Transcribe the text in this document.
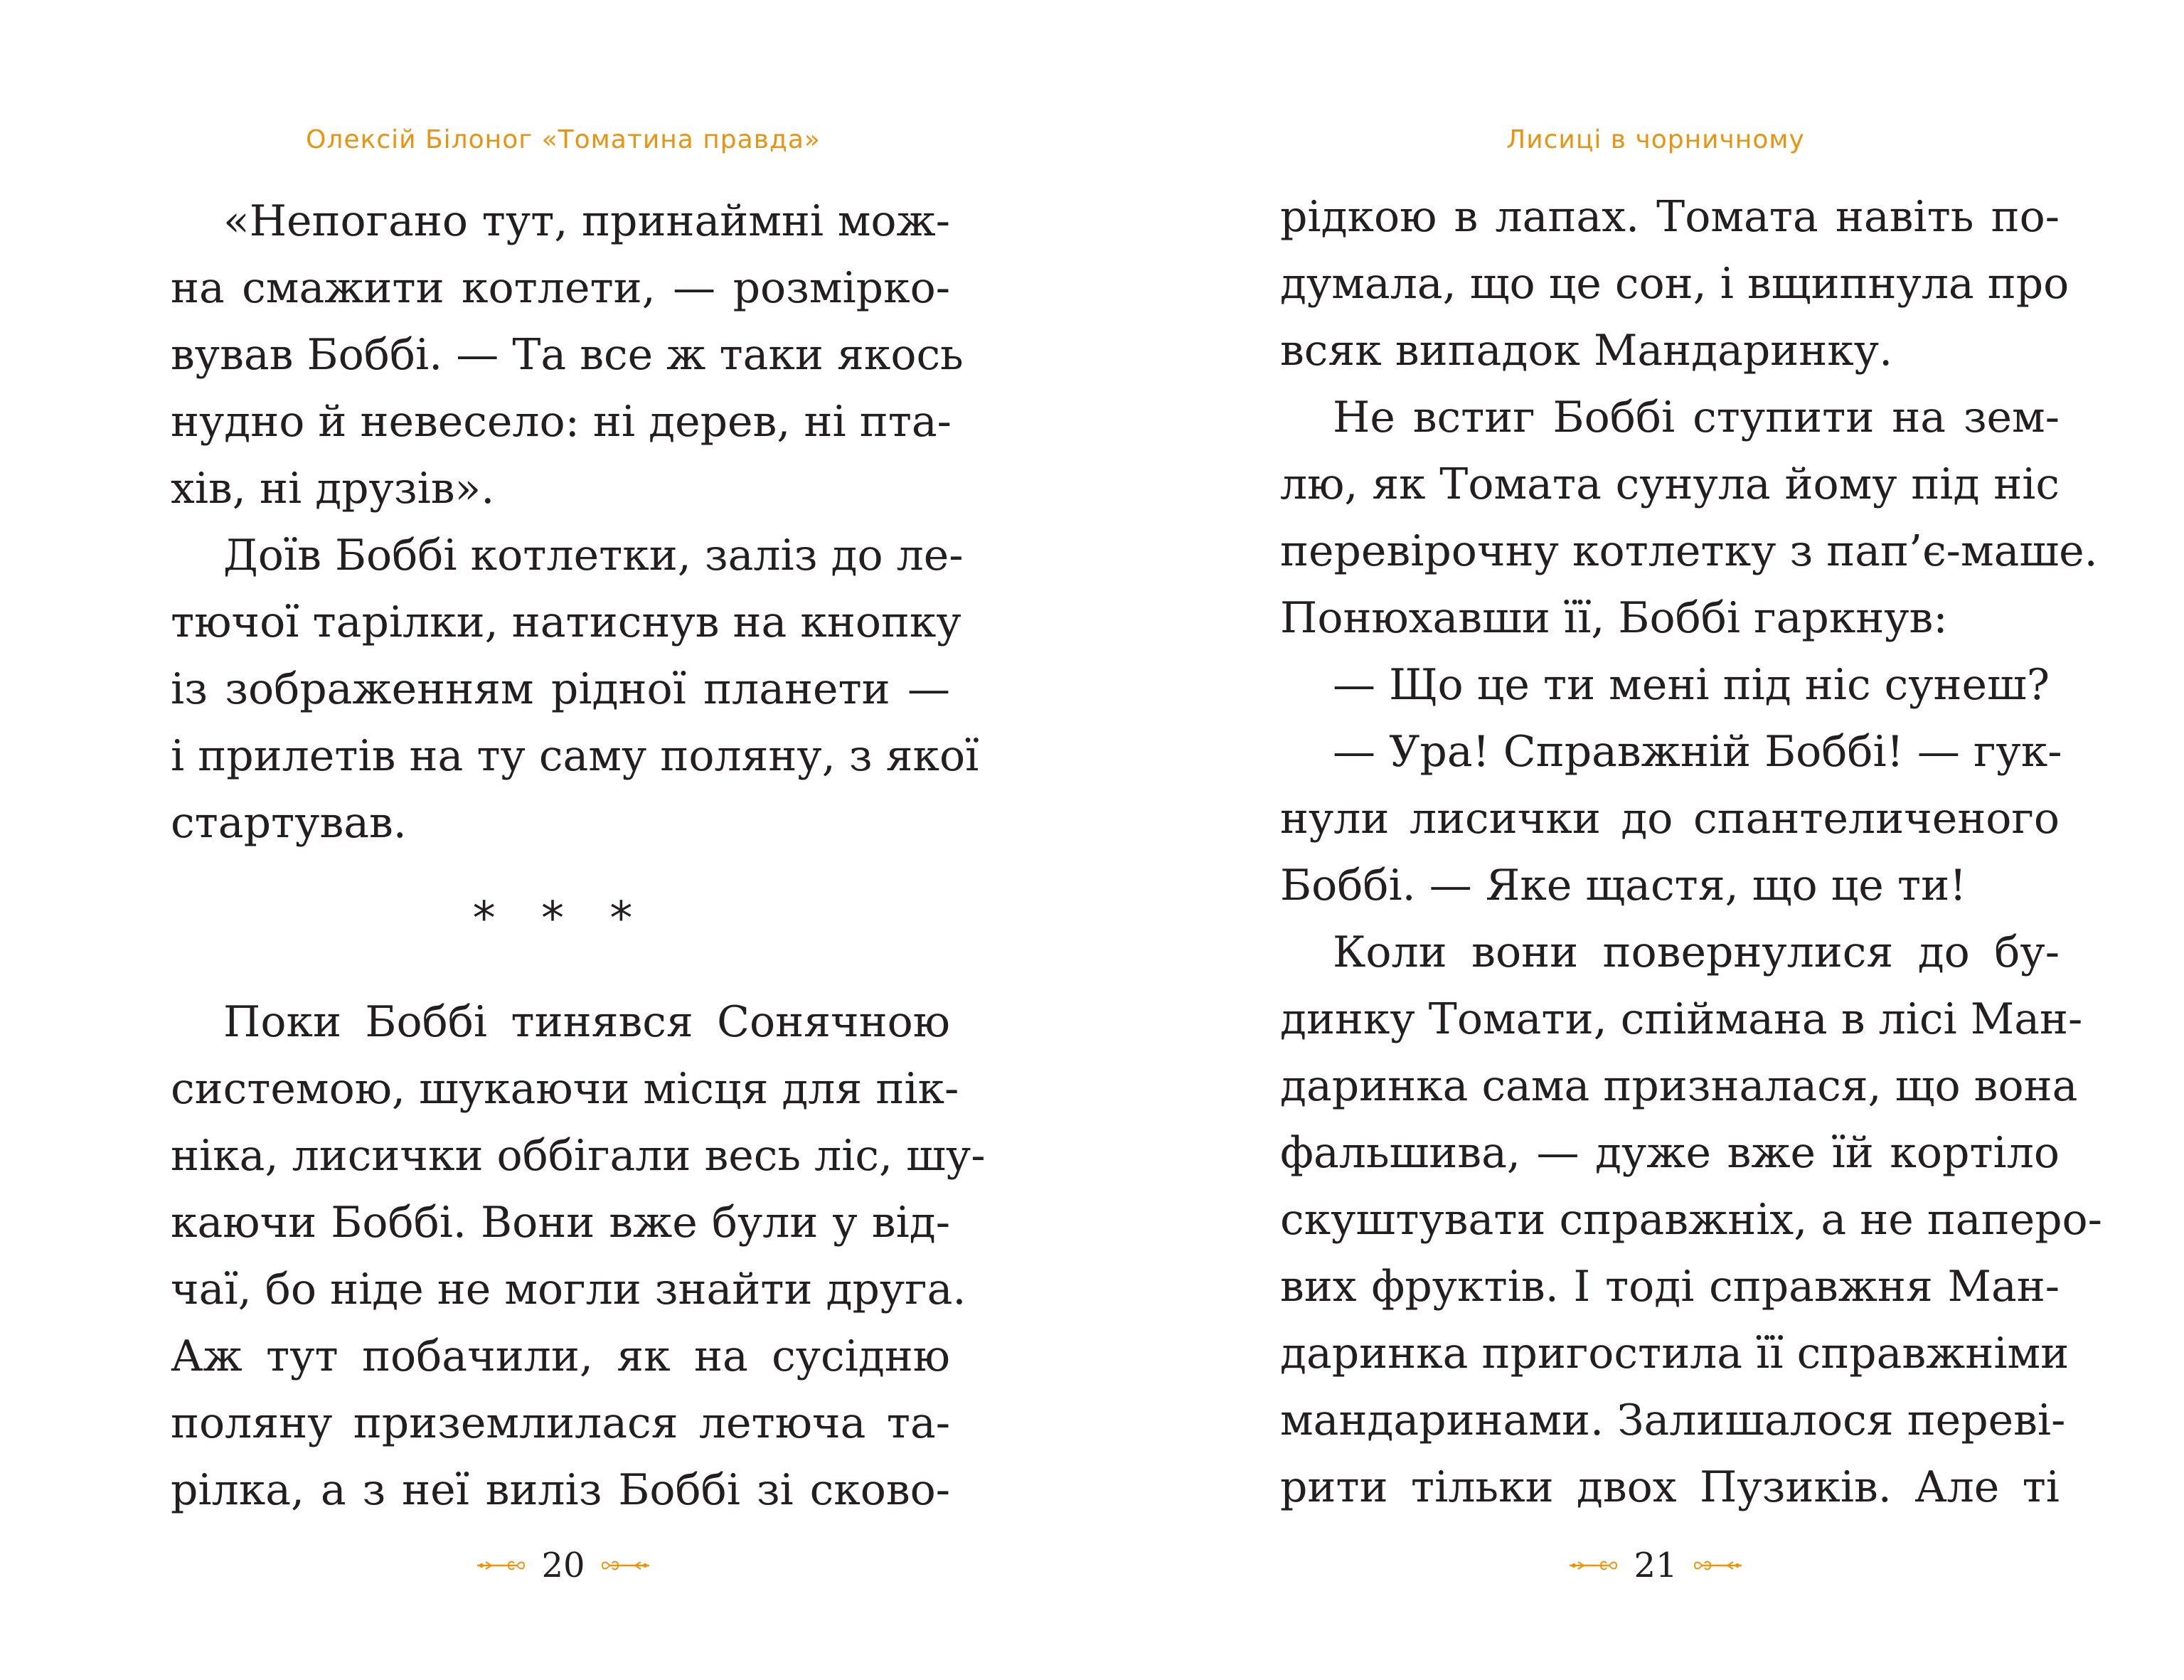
Олексій Білоног «Томатина правда»
«Непогано тут, принаймні мож-
на смажити котлети, — розмірко-
вував Боббі. — Та все ж таки якось
нудно й невесело: ні дерев, ні пта-
хів, ні друзів».
Доїв Боббі котлетки, заліз до ле-
тючої тарілки, натиснув на кнопку
із зображенням рідної планети —
і прилетів на ту саму поляну, з якої
стартував.
* * *
Поки Боббі тинявся Сонячною
системою, шукаючи місця для пік-
ніка, лисички оббігали весь ліс, шу-
каючи Боббі. Вони вже були у від-
чаї, бо ніде не могли знайти друга.
Аж тут побачили, як на сусідню
поляну приземлилася летюча та-
рілка, а з неї виліз Боббі зі сково-
20
Лисиці в чорничному
рідкою в лапах. Томата навіть по-
думала, що це сон, і вщипнула про
всяк випадок Мандаринку.
Не встиг Боббі ступити на зем-
лю, як Томата сунула йому під ніс
перевірочну котлетку з пап’є-маше.
Понюхавши її, Боббі гаркнув:
— Що це ти мені під ніс сунеш?
— Ура! Справжній Боббі! — гук-
нули лисички до спантеличеного
Боббі. — Яке щастя, що це ти!
Коли вони повернулися до бу-
динку Томати, спіймана в лісі Ман-
даринка сама призналася, що вона
фальшива, — дуже вже їй кортіло
скуштувати справжніх, а не паперо-
вих фруктів. І тоді справжня Ман-
даринка пригостила її справжніми
мандаринами. Залишалося переві-
рити тільки двох Пузиків. Але ті
21
